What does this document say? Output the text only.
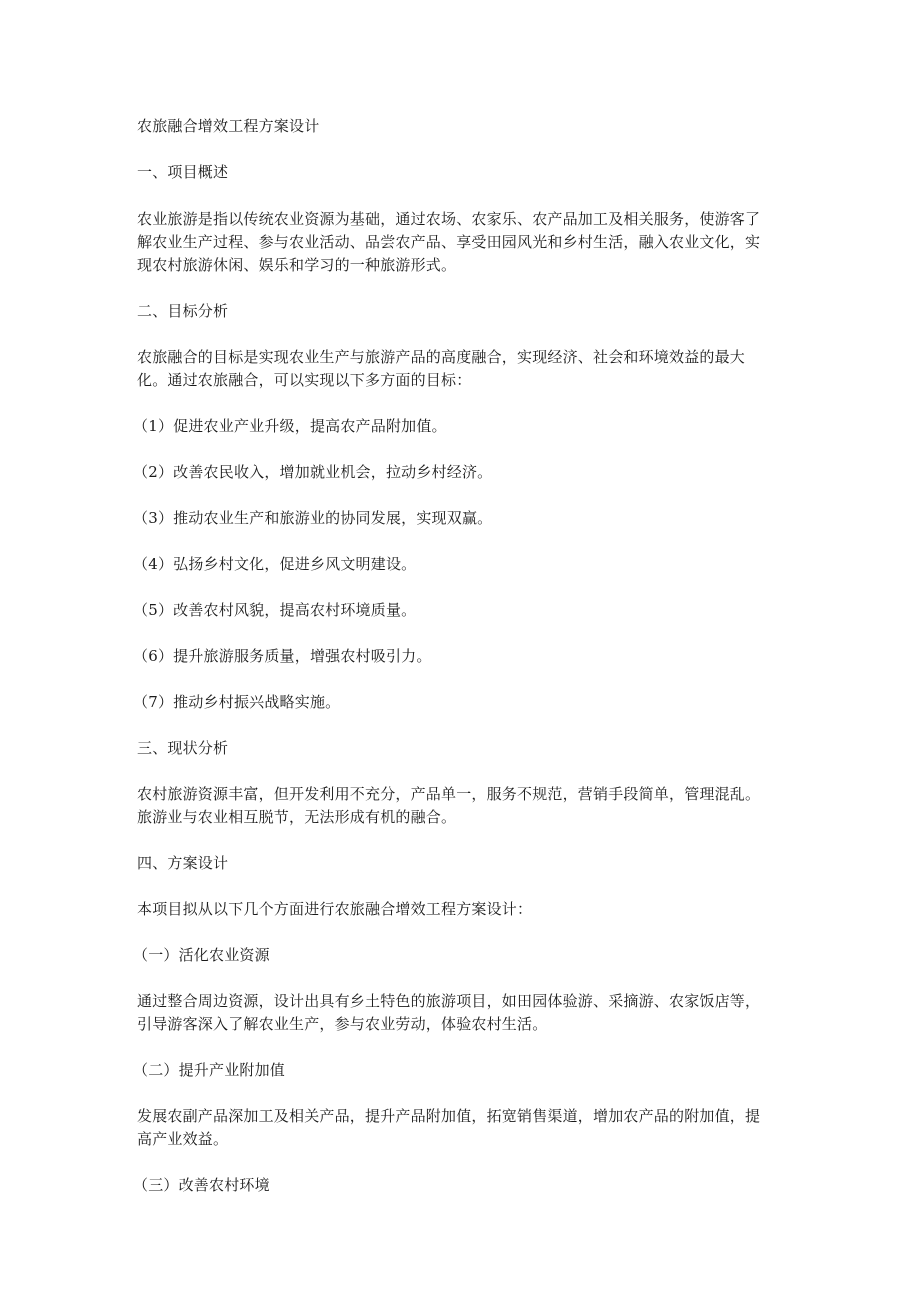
农旅融合增效工程方案设计

一、项目概述

农业旅游是指以传统农业资源为基础，通过农场、农家乐、农产品加工及相关服务，使游客了解农业生产过程、参与农业活动、品尝农产品、享受田园风光和乡村生活，融入农业文化，实现农村旅游休闲、娱乐和学习的一种旅游形式。

二、目标分析

农旅融合的目标是实现农业生产与旅游产品的高度融合，实现经济、社会和环境效益的最大化。通过农旅融合，可以实现以下多方面的目标：

（1）促进农业产业升级，提高农产品附加值。

（2）改善农民收入，增加就业机会，拉动乡村经济。

（3）推动农业生产和旅游业的协同发展，实现双赢。

（4）弘扬乡村文化，促进乡风文明建设。

（5）改善农村风貌，提高农村环境质量。

（6）提升旅游服务质量，增强农村吸引力。

（7）推动乡村振兴战略实施。

三、现状分析

农村旅游资源丰富，但开发利用不充分，产品单一，服务不规范，营销手段简单，管理混乱。旅游业与农业相互脱节，无法形成有机的融合。

四、方案设计

本项目拟从以下几个方面进行农旅融合增效工程方案设计：

（一）活化农业资源

通过整合周边资源，设计出具有乡土特色的旅游项目，如田园体验游、采摘游、农家饭店等，引导游客深入了解农业生产，参与农业劳动，体验农村生活。

（二）提升产业附加值

发展农副产品深加工及相关产品，提升产品附加值，拓宽销售渠道，增加农产品的附加值，提高产业效益。

（三）改善农村环境
